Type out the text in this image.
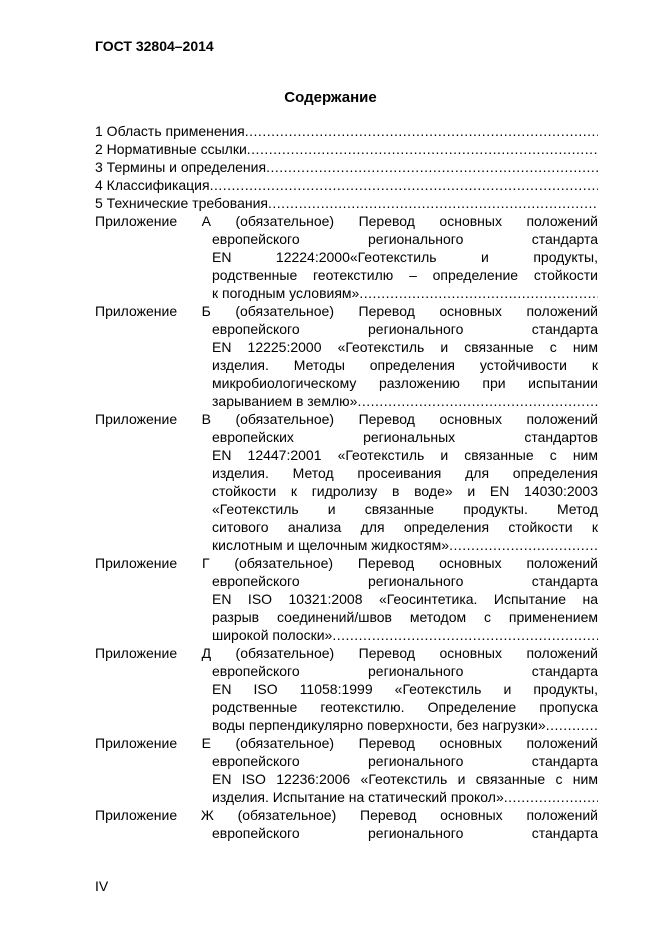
ГОСТ 32804–2014
Содержание
1 Область применения
.....
2 Нормативные ссылки
.....
3 Термины и определения
.....
4 Классификация
.....
5 Технические требования
.....
Приложение А (обязательное) Перевод основных положений
европейского регионального стандарта
EN 12224:2000«Геотекстиль и продукты,
родственные геотекстилю – определение стойкости
к погодным условиям»
.....
Приложение Б (обязательное) Перевод основных положений
европейского регионального стандарта
EN 12225:2000 «Геотекстиль и связанные с ним
изделия. Методы определения устойчивости к
микробиологическому разложению при испытании
зарыванием в землю»
.....
Приложение В (обязательное) Перевод основных положений
европейских региональных стандартов
EN 12447:2001 «Геотекстиль и связанные с ним
изделия. Метод просеивания для определения
стойкости к гидролизу в воде» и EN 14030:2003
«Геотекстиль и связанные продукты. Метод
ситового анализа для определения стойкости к
кислотным и щелочным жидкостям»
.....
Приложение Г (обязательное) Перевод основных положений
европейского регионального стандарта
EN ISO 10321:2008 «Геосинтетика. Испытание на
разрыв соединений/швов методом с применением
широкой полоски»
.....
Приложение Д (обязательное) Перевод основных положений
европейского регионального стандарта
EN ISO 11058:1999 «Геотекстиль и продукты,
родственные геотекстилю. Определение пропуска
воды перпендикулярно поверхности, без нагрузки»
.....
Приложение Е (обязательное) Перевод основных положений
европейского регионального стандарта
EN ISO 12236:2006 «Геотекстиль и связанные с ним
изделия. Испытание на статический прокол»
.....
Приложение Ж (обязательное) Перевод основных положений
европейского регионального стандарта
IV
